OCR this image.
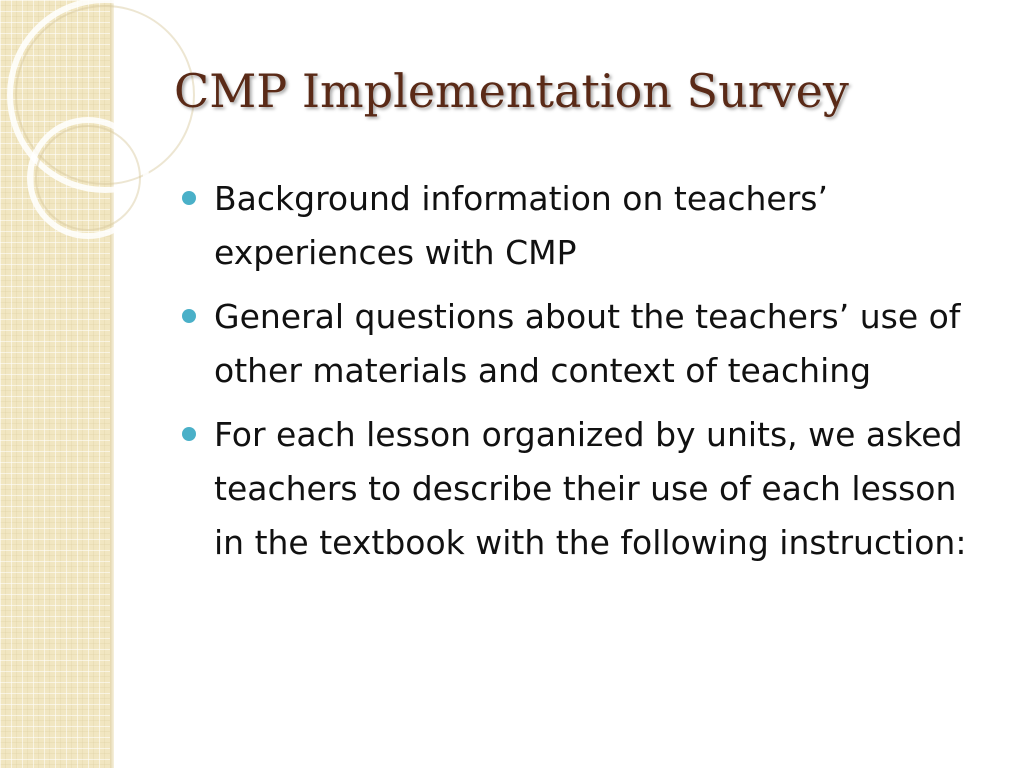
CMP Implementation Survey
Background information on teachers’ experiences with CMP
General questions about the teachers’ use of other materials and context of teaching
For each lesson organized by units, we asked teachers to describe their use of each lesson in the textbook with the following instruction:
